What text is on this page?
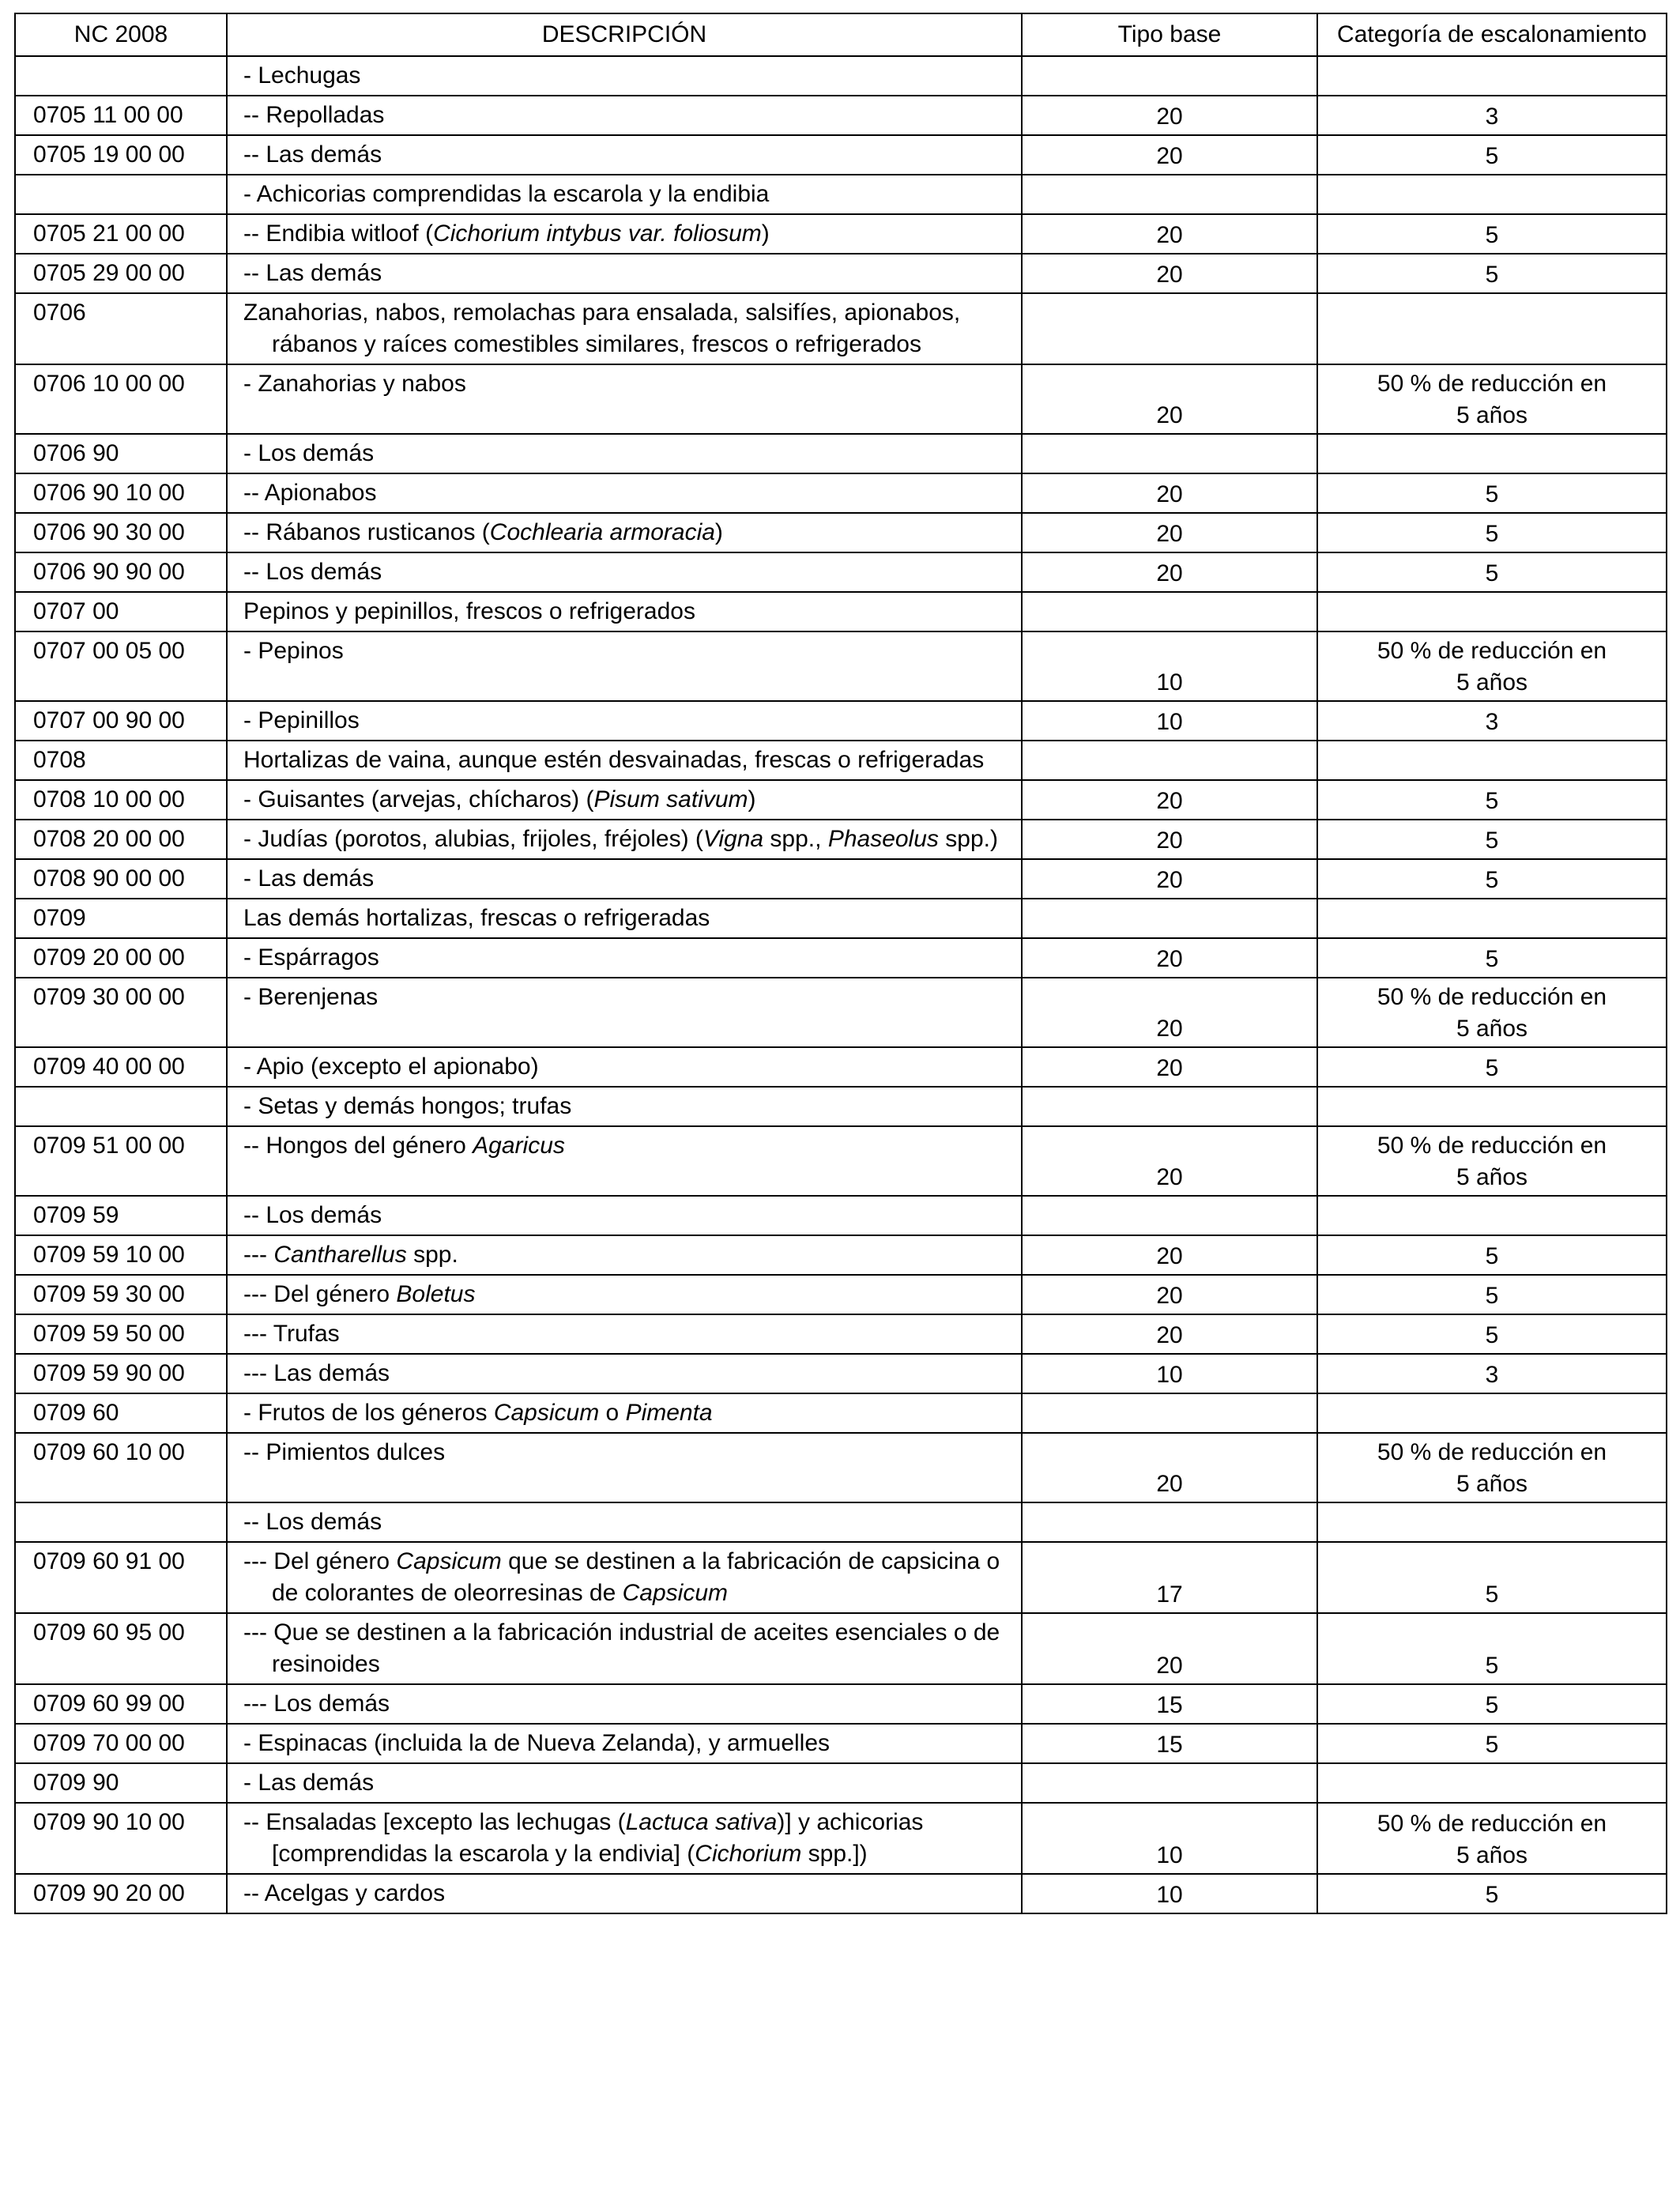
NC 2008	DESCRIPCIÓN	Tipo base	Categoría de escalonamiento

	- Lechugas		

0705 11 00 00	-- Repolladas	20	3

0705 19 00 00	-- Las demás	20	5

	- Achicorias comprendidas la escarola y la endibia		

0705 21 00 00	-- Endibia witloof (Cichorium intybus var. foliosum)	20	5

0705 29 00 00	-- Las demás	20	5

0706	Zanahorias, nabos, remolachas para ensalada, salsifíes, apionabos, rábanos y raíces comestibles similares, frescos o refrigerados		

0706 10 00 00	- Zanahorias y nabos	20	50 % de reducción en
5 años

0706 90	- Los demás		

0706 90 10 00	-- Apionabos	20	5

0706 90 30 00	-- Rábanos rusticanos (Cochlearia armoracia)	20	5

0706 90 90 00	-- Los demás	20	5

0707 00	Pepinos y pepinillos, frescos o refrigerados		

0707 00 05 00	- Pepinos	10	50 % de reducción en
5 años

0707 00 90 00	- Pepinillos	10	3

0708	Hortalizas de vaina, aunque estén desvainadas, frescas o refrigeradas		

0708 10 00 00	- Guisantes (arvejas, chícharos) (Pisum sativum)	20	5

0708 20 00 00	- Judías (porotos, alubias, frijoles, fréjoles) (Vigna spp., Phaseolus spp.)	20	5

0708 90 00 00	- Las demás	20	5

0709	Las demás hortalizas, frescas o refrigeradas		

0709 20 00 00	- Espárragos	20	5

0709 30 00 00	- Berenjenas	20	50 % de reducción en
5 años

0709 40 00 00	- Apio (excepto el apionabo)	20	5

	- Setas y demás hongos; trufas		

0709 51 00 00	-- Hongos del género Agaricus	20	50 % de reducción en
5 años

0709 59	-- Los demás		

0709 59 10 00	--- Cantharellus spp.	20	5

0709 59 30 00	--- Del género Boletus	20	5

0709 59 50 00	--- Trufas	20	5

0709 59 90 00	--- Las demás	10	3

0709 60	- Frutos de los géneros Capsicum o Pimenta		

0709 60 10 00	-- Pimientos dulces	20	50 % de reducción en
5 años

	-- Los demás		

0709 60 91 00	--- Del género Capsicum que se destinen a la fabricación de capsicina o de colorantes de oleorresinas de Capsicum	17	5

0709 60 95 00	--- Que se destinen a la fabricación industrial de aceites esenciales o de resinoides	20	5

0709 60 99 00	--- Los demás	15	5

0709 70 00 00	- Espinacas (incluida la de Nueva Zelanda), y armuelles	15	5

0709 90	- Las demás		

0709 90 10 00	-- Ensaladas [excepto las lechugas (Lactuca sativa)] y achicorias [comprendidas la escarola y la endivia] (Cichorium spp.])	10	50 % de reducción en
5 años

0709 90 20 00	-- Acelgas y cardos	10	5
